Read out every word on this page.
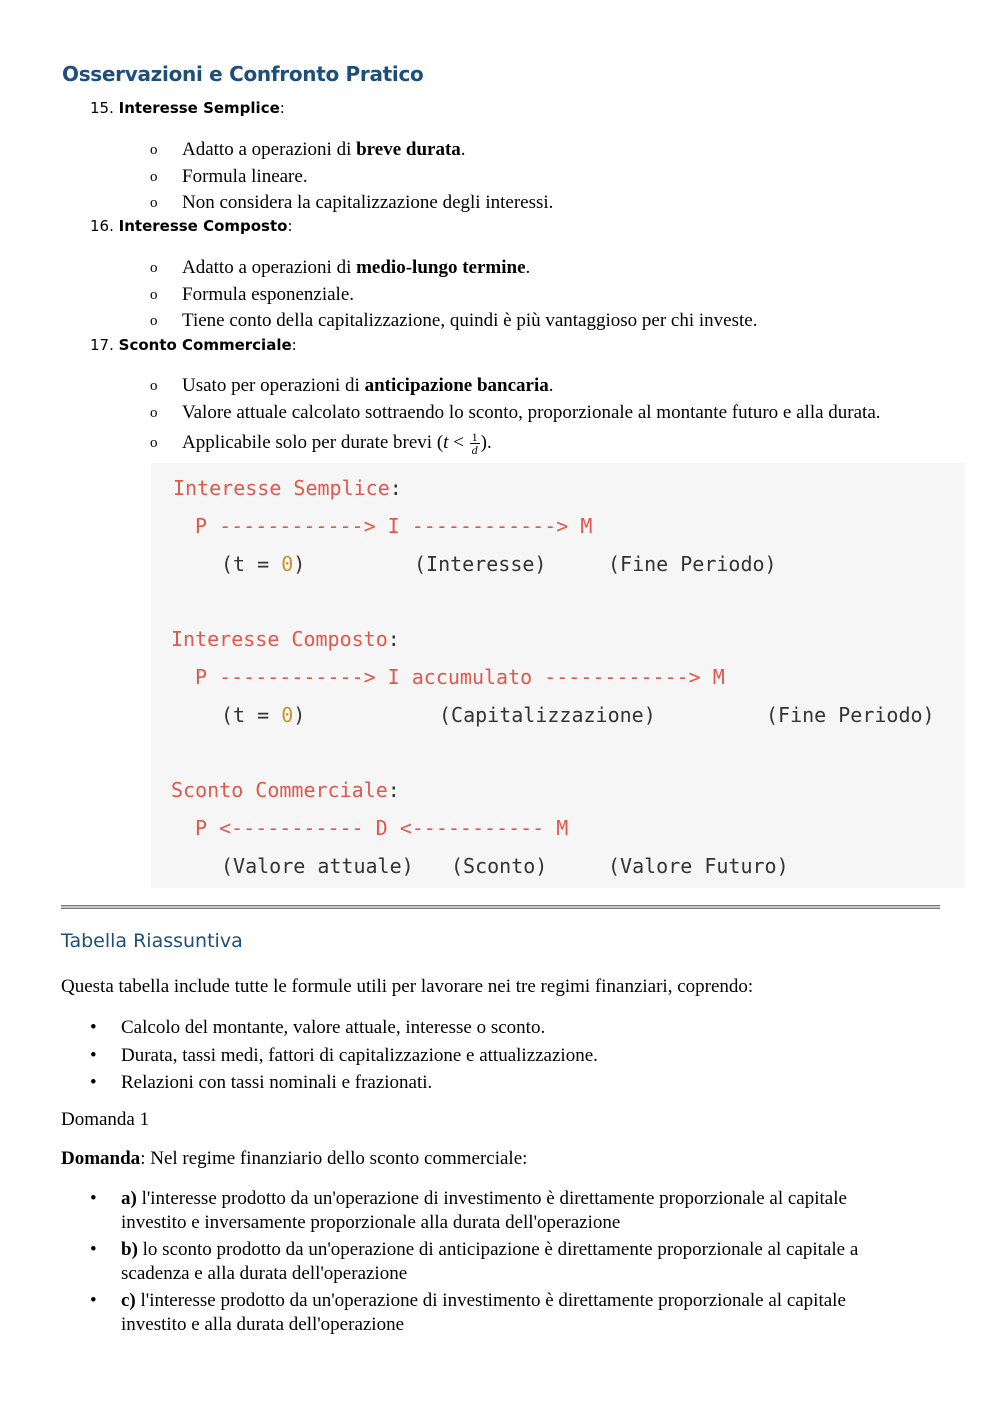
Osservazioni e Confronto Pratico

15. Interesse Semplice:

o Adatto a operazioni di breve durata.
o Formula lineare.
o Non considera la capitalizzazione degli interessi.

16. Interesse Composto:

o Adatto a operazioni di medio-lungo termine.
o Formula esponenziale.
o Tiene conto della capitalizzazione, quindi è più vantaggioso per chi investe.

17. Sconto Commerciale:

o Usato per operazioni di anticipazione bancaria.
o Valore attuale calcolato sottraendo lo sconto, proporzionale al montante futuro e alla durata.
o Applicabile solo per durate brevi ($t < \frac{1}{d}$ ).
Interesse Semplice:
P ------------> I ------------> M
(t = 0)	(Interesse)	(Fine Periodo)
Interesse Composto:
P ------------> I accumulato ------------> M
(t = 0)	(Capitalizzazione)	(Fine Periodo)
Sconto Commerciale:
P <----------- D <----------- M
(Valore attuale) (Sconto)	(Valore Futuro)
Tabella Riassuntiva

Questa tabella include tutte le formule utili per lavorare nei tre regimi finanziari, coprendo:

• Calcolo del montante, valore attuale, interesse o sconto.
• Durata, tassi medi, fattori di capitalizzazione e attualizzazione.
• Relazioni con tassi nominali e frazionati.

Domanda 1

Domanda: Nel regime finanziario dello sconto commerciale:

• a) l'interesse prodotto da un'operazione di investimento è direttamente proporzionale al capitale investito e inversamente proporzionale alla durata dell'operazione
• b) lo sconto prodotto da un'operazione di anticipazione è direttamente proporzionale al capitale a scadenza e alla durata dell'operazione
• c) l'interesse prodotto da un'operazione di investimento è direttamente proporzionale al capitale investito e alla durata dell'operazione
